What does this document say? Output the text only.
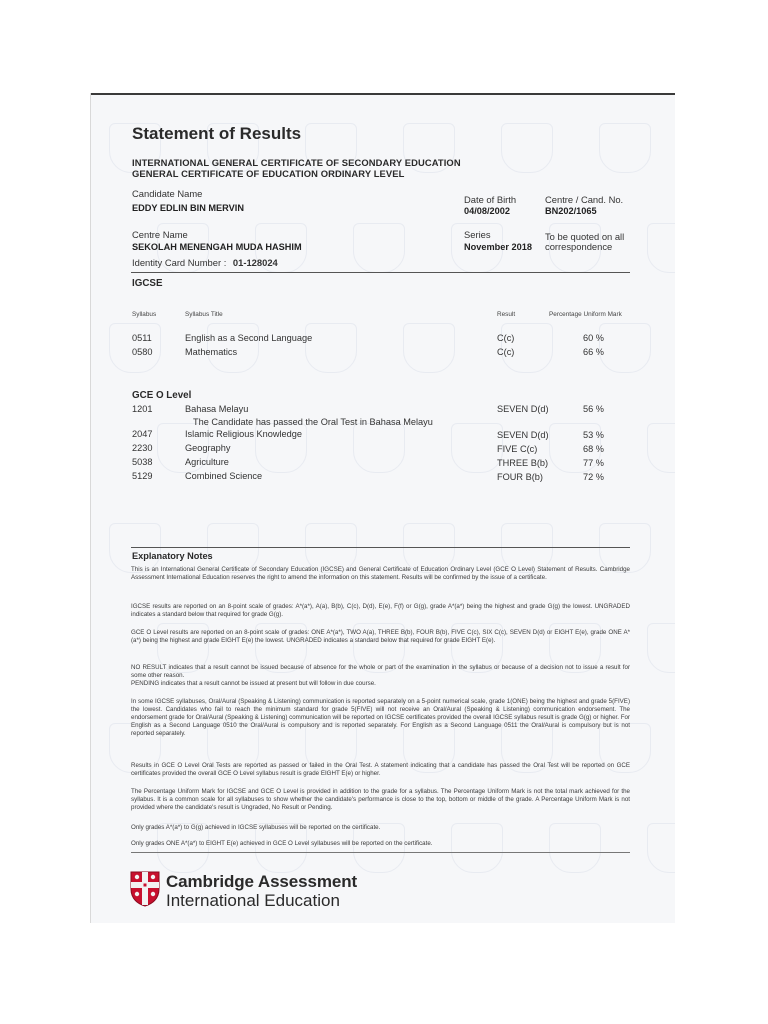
Statement of Results
INTERNATIONAL GENERAL CERTIFICATE OF SECONDARY EDUCATION
GENERAL CERTIFICATE OF EDUCATION ORDINARY LEVEL
Candidate Name
EDDY EDLIN BIN MERVIN
Date of Birth
04/08/2002
Centre / Cand. No.
BN202/1065
Centre Name
SEKOLAH MENENGAH MUDA HASHIM
Series
November 2018
To be quoted on all
correspondence
Identity Card Number : 01-128024
IGCSE
Syllabus	Syllabus Title	Result	Percentage Uniform Mark
0511	English as a Second Language	C(c)	60 %
0580	Mathematics	C(c)	66 %
GCE O Level
1201	Bahasa Melayu	SEVEN D(d)	56 %
The Candidate has passed the Oral Test in Bahasa Melayu
2047	Islamic Religious Knowledge	SEVEN D(d)	53 %
2230	Geography	FIVE C(c)	68 %
5038	Agriculture	THREE B(b)	77 %
5129	Combined Science	FOUR B(b)	72 %
Explanatory Notes

This is an International General Certificate of Secondary Education (IGCSE) and General Certificate of Education Ordinary Level (GCE O Level) Statement of Results. Cambridge Assessment International Education reserves the right to amend the information on this statement. Results will be confirmed by the issue of a certificate.

IGCSE results are reported on an 8-point scale of grades: A*(a*), A(a), B(b), C(c), D(d), E(e), F(f) or G(g), grade A*(a*) being the highest and grade G(g) the lowest. UNGRADED indicates a standard below that required for grade G(g).

GCE O Level results are reported on an 8-point scale of grades: ONE A*(a*), TWO A(a), THREE B(b), FOUR B(b), FIVE C(c), SIX C(c), SEVEN D(d) or EIGHT E(e), grade ONE A*(a*) being the highest and grade EIGHT E(e) the lowest. UNGRADED indicates a standard below that required for grade EIGHT E(e).

NO RESULT indicates that a result cannot be issued because of absence for the whole or part of the examination in the syllabus or because of a decision not to issue a result for some other reason.

PENDING indicates that a result cannot be issued at present but will follow in due course.

In some IGCSE syllabuses, Oral/Aural (Speaking & Listening) communication is reported separately on a 5-point numerical scale, grade 1(ONE) being the highest and grade 5(FIVE) the lowest. Candidates who fail to reach the minimum standard for grade 5(FIVE) will not receive an Oral/Aural (Speaking & Listening) communication endorsement. The endorsement grade for Oral/Aural (Speaking & Listening) communication will be reported on IGCSE certificates provided the overall IGCSE syllabus result is grade G(g) or higher. For English as a Second Language 0510 the Oral/Aural is compulsory and is reported separately. For English as a Second Language 0511 the Oral/Aural is compulsory but is not reported separately.

Results in GCE O Level Oral Tests are reported as passed or failed in the Oral Test. A statement indicating that a candidate has passed the Oral Test will be reported on GCE certificates provided the overall GCE O Level syllabus result is grade EIGHT E(e) or higher.

The Percentage Uniform Mark for IGCSE and GCE O Level is provided in addition to the grade for a syllabus. The Percentage Uniform Mark is not the total mark achieved for the syllabus. It is a common scale for all syllabuses to show whether the candidate's performance is close to the top, bottom or middle of the grade. A Percentage Uniform Mark is not provided where the candidate's result is Ungraded, No Result or Pending.

Only grades A*(a*) to G(g) achieved in IGCSE syllabuses will be reported on the certificate.

Only grades ONE A*(a*) to EIGHT E(e) achieved in GCE O Level syllabuses will be reported on the certificate.

Cambridge Assessment
International Education
